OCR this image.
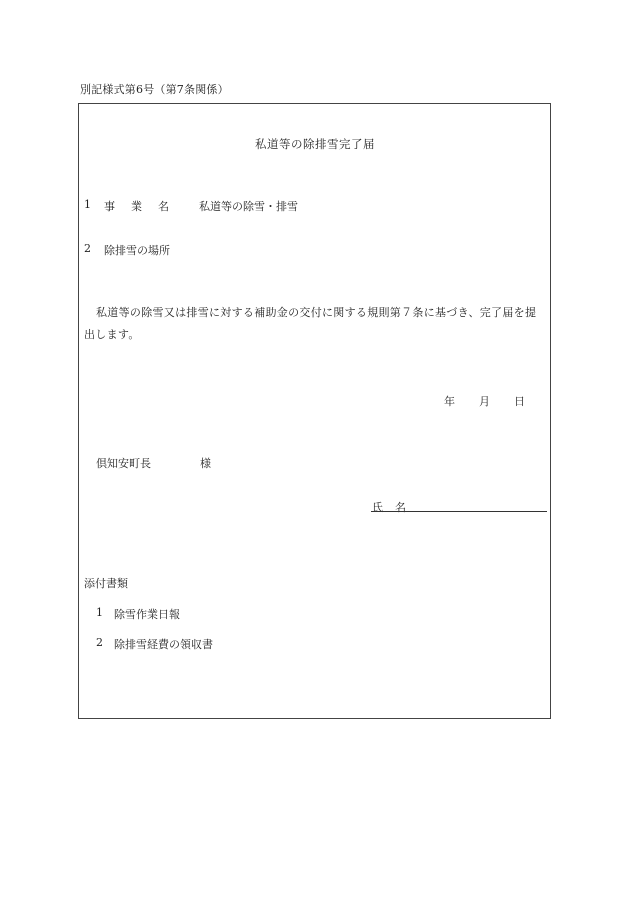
別記様式第6号（第7条関係）
私道等の除排雪完了届
1 事業名 私道等の除雪・排雪
2 除排雪の場所
私道等の除雪又は排雪に対する補助金の交付に関する規則第７条に基づき、完了届を提出します。
年 月 日
倶知安町長	様
氏名
添付書類
1 除雪作業日報
2 除排雪経費の領収書
